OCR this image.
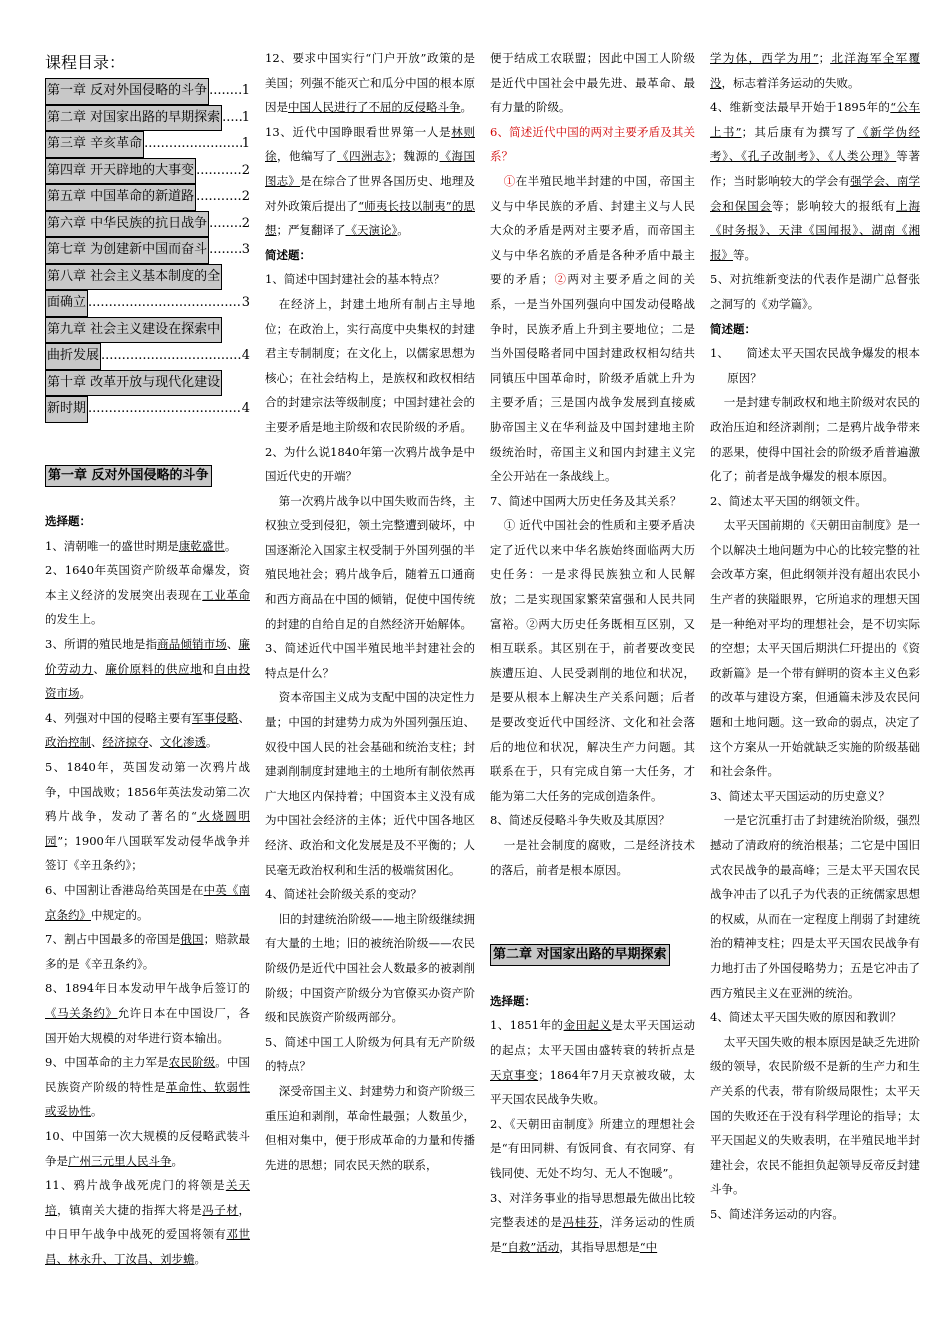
课程目录：
第一章 反对外国侵略的斗争 .....	1
第二章 对国家出路的早期探索 ..... 1
第三章 辛亥革命 .....	1
第四章 开天辟地的大事变 .....	2
第五章 中国革命的新道路 .....	2
第六章 中华民族的抗日战争 .....	2
第七章 为创建新中国而奋斗 .....	3
第八章 社会主义基本制度的全
面确立 .....	3
第九章 社会主义建设在探索中
曲折发展 .....	4
第十章 改革开放与现代化建设
新时期 .....	4
第一章 反对外国侵略的斗争
选择题：

1、清朝唯一的盛世时期是康乾盛世。

2、1640年英国资产阶级革命爆发，资本主义经济的发展突出表现在工业革命的发生上。

3、所谓的殖民地是指商品倾销市场、廉价劳动力、廉价原料的供应地和自由投资市场。

4、列强对中国的侵略主要有军事侵略、政治控制、经济掠夺、文化渗透。

5、1840年，英国发动第一次鸦片战争，中国战败；1856年英法发动第二次鸦片战争，发动了著名的“火烧圆明园”；1900年八国联军发动侵华战争并签订《辛丑条约》；

6、中国割让香港岛给英国是在中英《南京条约》中规定的。

7、割占中国最多的帝国是俄国；赔款最多的是《辛丑条约》。

8、1894年日本发动甲午战争后签订的《马关条约》允许日本在中国设厂，各国开始大规模的对华进行资本输出。

9、中国革命的主力军是农民阶级。中国民族资产阶级的特性是革命性、软弱性或妥协性。

10、中国第一次大规模的反侵略武装斗争是广州三元里人民斗争。

11、鸦片战争战死虎门的将领是关天培，镇南关大捷的指挥大将是冯子材，中日甲午战争中战死的爱国将领有邓世昌、林永升、丁汝昌、刘步蟾。

12、要求中国实行“门户开放”政策的是美国；列强不能灭亡和瓜分中国的根本原因是中国人民进行了不屈的反侵略斗争。

13、近代中国睁眼看世界第一人是林则徐，他编写了《四洲志》；魏源的《海国图志》是在综合了世界各国历史、地理及对外政策后提出了“师夷长技以制夷”的思想；严复翻译了《天演论》。

简述题：

1、简述中国封建社会的基本特点？

在经济上，封建土地所有制占主导地位；在政治上，实行高度中央集权的封建君主专制制度；在文化上，以儒家思想为核心；在社会结构上，是族权和政权相结合的封建宗法等级制度；中国封建社会的主要矛盾是地主阶级和农民阶级的矛盾。

2、为什么说1840年第一次鸦片战争是中国近代史的开端？

第一次鸦片战争以中国失败而告终，主权独立受到侵犯，领土完整遭到破坏，中国逐渐沦入国家主权受制于外国列强的半殖民地社会；鸦片战争后，随着五口通商和西方商品在中国的倾销，促使中国传统的封建的自给自足的自然经济开始解体。

3、简述近代中国半殖民地半封建社会的特点是什么？

资本帝国主义成为支配中国的决定性力量；中国的封建势力成为外国列强压迫、奴役中国人民的社会基础和统治支柱；封建剥削制度封建地主的土地所有制依然再广大地区内保持着；中国资本主义没有成为中国社会经济的主体；近代中国各地区经济、政治和文化发展是及不平衡的；人民毫无政治权利和生活的极端贫困化。

4、简述社会阶级关系的变动？

旧的封建统治阶级——地主阶级继续拥有大量的土地；旧的被统治阶级——农民阶级仍是近代中国社会人数最多的被剥削阶级；中国资产阶级分为官僚买办资产阶级和民族资产阶级两部分。

5、简述中国工人阶级为何具有无产阶级的特点？

深受帝国主义、封建势力和资产阶级三重压迫和剥削，革命性最强；人数虽少，但相对集中，便于形成革命的力量和传播先进的思想；同农民天然的联系，

便于结成工农联盟；因此中国工人阶级是近代中国社会中最先进、最革命、最有力量的阶级。

6、简述近代中国的两对主要矛盾及其关系？

①在半殖民地半封建的中国，帝国主义与中华民族的矛盾、封建主义与人民大众的矛盾是两对主要矛盾，而帝国主义与中华名族的矛盾是各种矛盾中最主要的矛盾；②两对主要矛盾之间的关系，一是当外国列强向中国发动侵略战争时，民族矛盾上升到主要地位；二是当外国侵略者同中国封建政权相勾结共同镇压中国革命时，阶级矛盾就上升为主要矛盾；三是国内战争发展到直接威胁帝国主义在华利益及中国封建地主阶级统治时，帝国主义和国内封建主义完全公开站在一条战线上。

7、简述中国两大历史任务及其关系？

① 近代中国社会的性质和主要矛盾决定了近代以来中华名族始终面临两大历史任务：一是求得民族独立和人民解放；二是实现国家繁荣富强和人民共同富裕。②两大历史任务既相互区别，又相互联系。其区别在于，前者要改变民族遭压迫、人民受剥削的地位和状况，是要从根本上解决生产关系问题；后者是要改变近代中国经济、文化和社会落后的地位和状况，解决生产力问题。其联系在于，只有完成自第一大任务，才能为第二大任务的完成创造条件。

8、简述反侵略斗争失败及其原因？

一是社会制度的腐败，二是经济技术的落后，前者是根本原因。

第二章 对国家出路的早期探索
选择题：

1、1851年的金田起义是太平天国运动的起点；太平天国由盛转衰的转折点是天京事变；1864年7月天京被攻破，太平天国农民战争失败。

2、《天朝田亩制度》所建立的理想社会是“有田同耕、有饭同食、有衣同穿、有钱同使、无处不均匀、无人不饱暖”。

3、对洋务事业的指导思想最先做出比较完整表述的是冯桂芬，洋务运动的性质是“自救”活动，其指导思想是“中

学为体，西学为用”；北洋海军全军覆没，标志着洋务运动的失败。

4、维新变法最早开始于1895年的“公车上书”；其后康有为撰写了《新学伪经考》、《孔子改制考》、《人类公理》等著作；当时影响较大的学会有强学会、南学会和保国会等；影响较大的报纸有上海《时务报》、天津《国闻报》、湖南《湘报》等。

5、对抗维新变法的代表作是湖广总督张之洞写的《劝学篇》。

简述题：

1、　　简述太平天国农民战争爆发的根本原因？

一是封建专制政权和地主阶级对农民的政治压迫和经济剥削；二是鸦片战争带来的恶果，使得中国社会的阶级矛盾普遍激化了；前者是战争爆发的根本原因。

2、简述太平天国的纲领文件。

太平天国前期的《天朝田亩制度》是一个以解决土地问题为中心的比较完整的社会改革方案，但此纲领并没有超出农民小生产者的狭隘眼界，它所追求的理想天国是一种绝对平均的理想社会，是不切实际的空想；太平天国后期洪仁玕提出的《资政新篇》是一个带有鲜明的资本主义色彩的改革与建设方案，但通篇未涉及农民问题和土地问题。这一致命的弱点，决定了这个方案从一开始就缺乏实施的阶级基础和社会条件。

3、简述太平天国运动的历史意义？

一是它沉重打击了封建统治阶级，强烈撼动了清政府的统治根基；二它是中国旧式农民战争的最高峰；三是太平天国农民战争冲击了以孔子为代表的正统儒家思想的权威，从而在一定程度上削弱了封建统治的精神支柱；四是太平天国农民战争有力地打击了外国侵略势力；五是它冲击了西方殖民主义在亚洲的统治。

4、简述太平天国失败的原因和教训？

太平天国失败的根本原因是缺乏先进阶级的领导，农民阶级不是新的生产力和生产关系的代表，带有阶级局限性；太平天国的失败还在于没有科学理论的指导；太平天国起义的失败表明，在半殖民地半封建社会，农民不能担负起领导反帝反封建斗争。

5、简述洋务运动的内容。
